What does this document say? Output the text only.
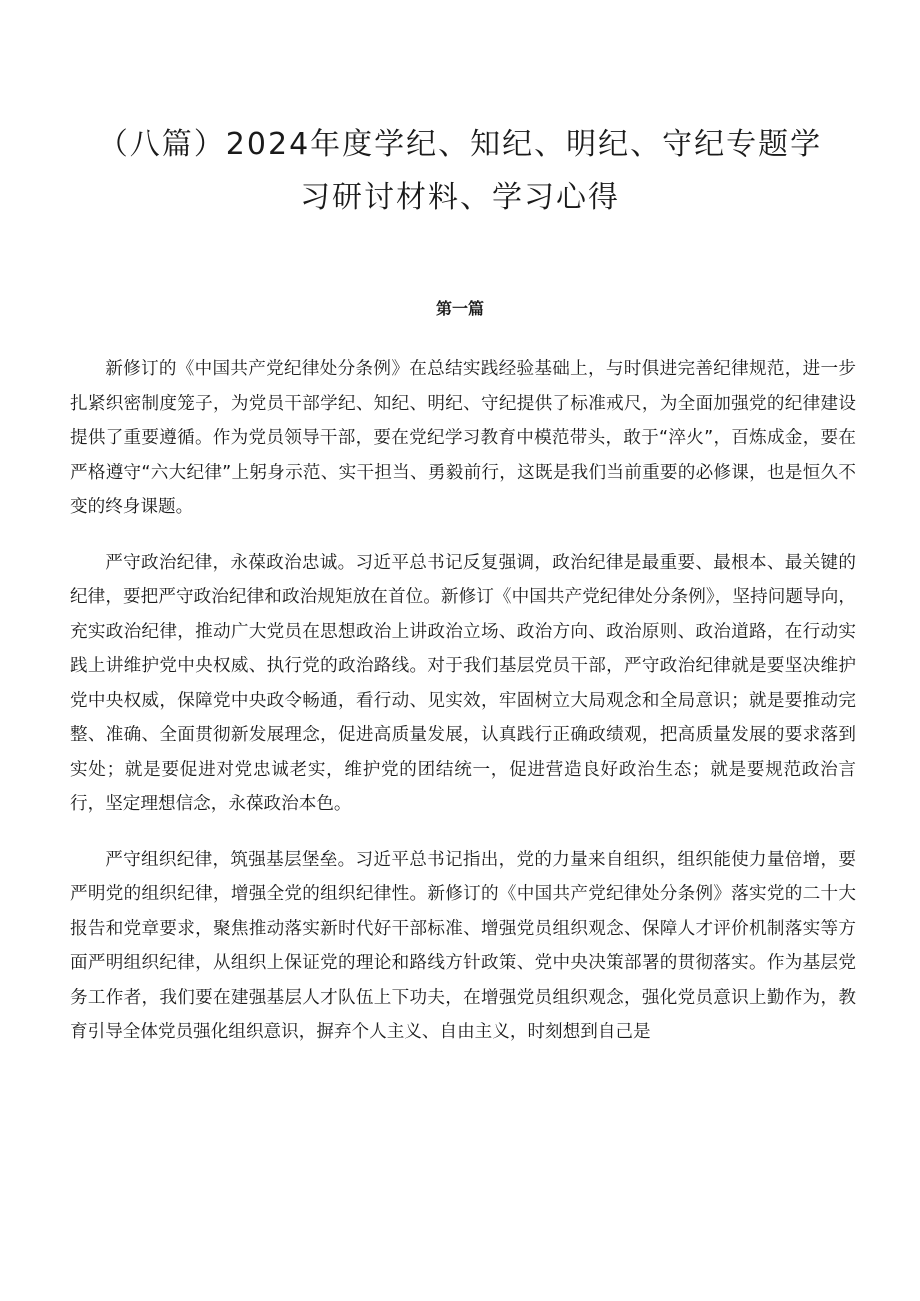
（八篇）2024年度学纪、知纪、明纪、守纪专题学习研讨材料、学习心得
第一篇

新修订的《中国共产党纪律处分条例》在总结实践经验基础上，与时俱进完善纪律规范，进一步扎紧织密制度笼子，为党员干部学纪、知纪、明纪、守纪提供了标准戒尺，为全面加强党的纪律建设提供了重要遵循。作为党员领导干部，要在党纪学习教育中模范带头，敢于“淬火”，百炼成金，要在严格遵守“六大纪律”上躬身示范、实干担当、勇毅前行，这既是我们当前重要的必修课，也是恒久不变的终身课题。

严守政治纪律，永葆政治忠诚。习近平总书记反复强调，政治纪律是最重要、最根本、最关键的纪律，要把严守政治纪律和政治规矩放在首位。新修订《中国共产党纪律处分条例》，坚持问题导向，充实政治纪律，推动广大党员在思想政治上讲政治立场、政治方向、政治原则、政治道路，在行动实践上讲维护党中央权威、执行党的政治路线。对于我们基层党员干部，严守政治纪律就是要坚决维护党中央权威，保障党中央政令畅通，看行动、见实效，牢固树立大局观念和全局意识；就是要推动完整、准确、全面贯彻新发展理念，促进高质量发展，认真践行正确政绩观，把高质量发展的要求落到实处；就是要促进对党忠诚老实，维护党的团结统一，促进营造良好政治生态；就是要规范政治言行，坚定理想信念，永葆政治本色。

严守组织纪律，筑强基层堡垒。习近平总书记指出，党的力量来自组织，组织能使力量倍增，要严明党的组织纪律，增强全党的组织纪律性。新修订的《中国共产党纪律处分条例》落实党的二十大报告和党章要求，聚焦推动落实新时代好干部标准、增强党员组织观念、保障人才评价机制落实等方面严明组织纪律，从组织上保证党的理论和路线方针政策、党中央决策部署的贯彻落实。作为基层党务工作者，我们要在建强基层人才队伍上下功夫，在增强党员组织观念，强化党员意识上勤作为，教育引导全体党员强化组织意识，摒弃个人主义、自由主义，时刻想到自己是
